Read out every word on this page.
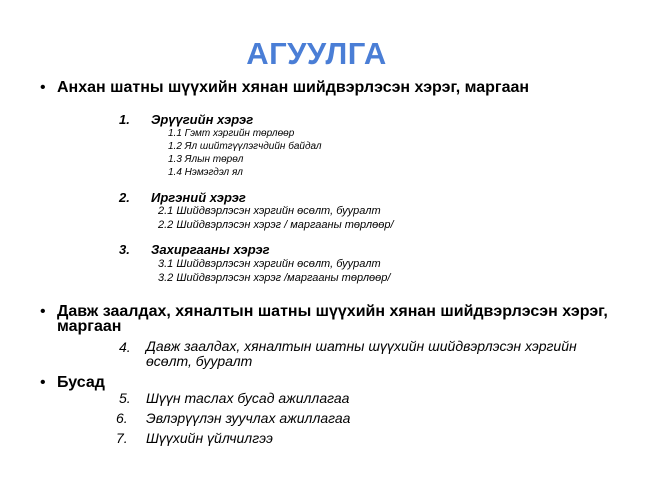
АГУУЛГА
• Анхан шатны шүүхийн хянан шийдвэрлэсэн хэрэг, маргаан
1. Эрүүгийн хэрэг
1.1 Гэмт хэргийн төрлөөр
1.2 Ял шийтгүүлэгчдийн байдал
1.3 Ялын төрөл
1.4 Нэмэгдэл ял
2. Иргэний хэрэг
2.1 Шийдвэрлэсэн хэргийн өсөлт, бууралт
2.2 Шийдвэрлэсэн хэрэг / маргааны төрлөөр/
3. Захиргааны хэрэг
3.1 Шийдвэрлэсэн хэргийн өсөлт, бууралт
3.2 Шийдвэрлэсэн хэрэг /маргааны төрлөөр/
• Давж заалдах, хяналтын шатны шүүхийн хянан шийдвэрлэсэн хэрэг,
маргаан
4. Давж заалдах, хяналтын шатны шүүхийн шийдвэрлэсэн хэргийн
өсөлт, бууралт
• Бусад
5. Шүүн таслах бусад ажиллагаа
6. Эвлэрүүлэн зуучлах ажиллагаа
7. Шүүхийн үйлчилгээ
